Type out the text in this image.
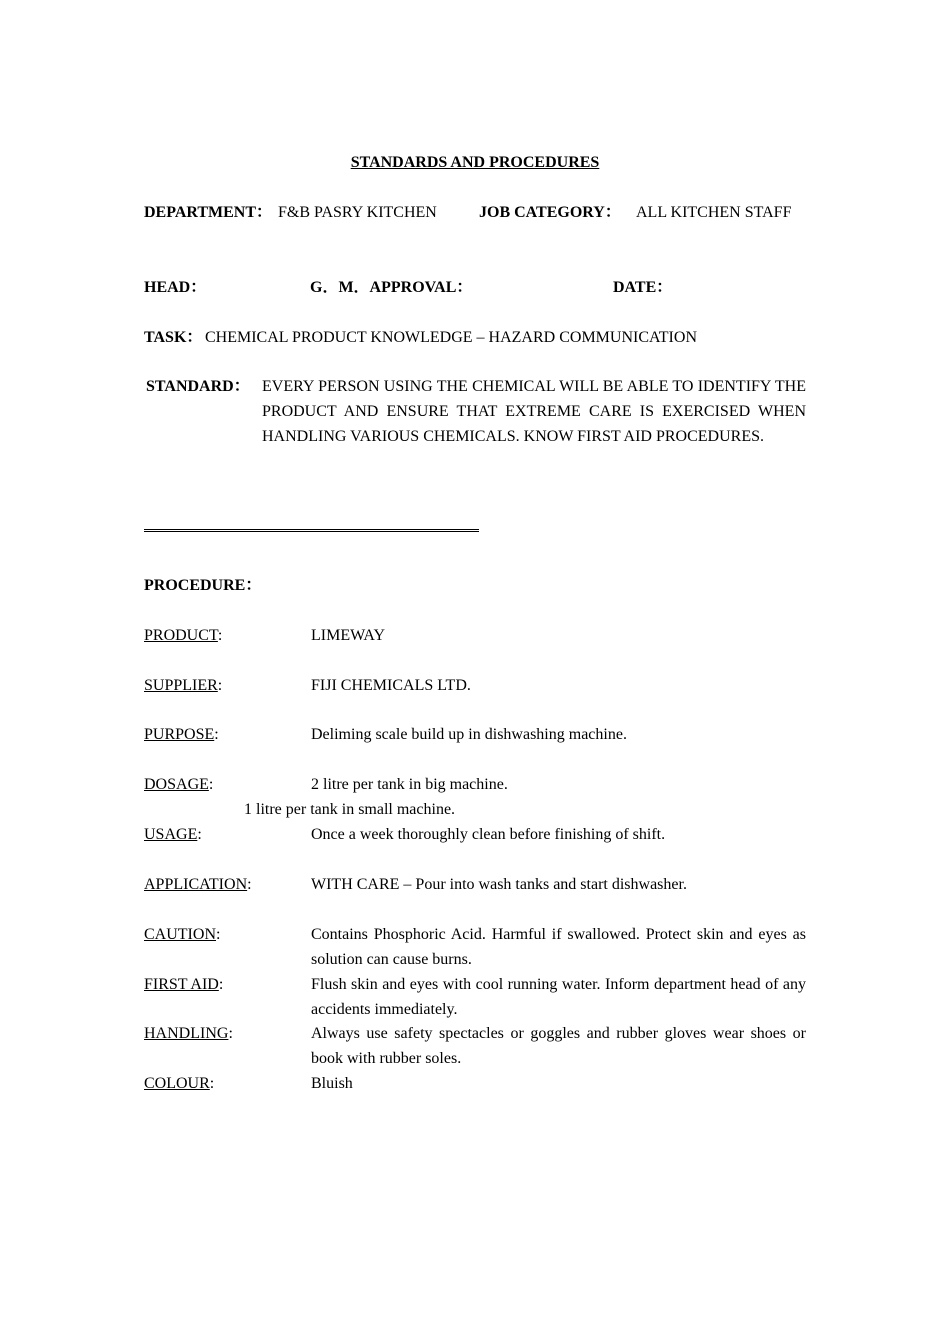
STANDARDS AND PROCEDURES
DEPARTMENT： F&B PASRY KITCHEN	JOB CATEGORY： ALL KITCHEN STAFF
HEAD：	G．M．APPROVAL：	DATE：
TASK： CHEMICAL PRODUCT KNOWLEDGE – HAZARD COMMUNICATION
STANDARD： EVERY PERSON USING THE CHEMICAL WILL BE ABLE TO IDENTIFY THE PRODUCT AND ENSURE THAT EXTREME CARE IS EXERCISED WHEN HANDLING VARIOUS CHEMICALS. KNOW FIRST AID PROCEDURES.
PROCEDURE：
PRODUCT:	LIMEWAY
SUPPLIER:	FIJI CHEMICALS LTD.
PURPOSE:	Deliming scale build up in dishwashing machine.
DOSAGE:	2 litre per tank in big machine.
1 litre per tank in small machine.
USAGE:	Once a week thoroughly clean before finishing of shift.
APPLICATION:	WITH CARE – Pour into wash tanks and start dishwasher.
CAUTION:	Contains Phosphoric Acid. Harmful if swallowed. Protect skin and eyes as solution can cause burns.
FIRST AID:	Flush skin and eyes with cool running water. Inform department head of any accidents immediately.
HANDLING:	Always use safety spectacles or goggles and rubber gloves wear shoes or book with rubber soles.
COLOUR:	Bluish
